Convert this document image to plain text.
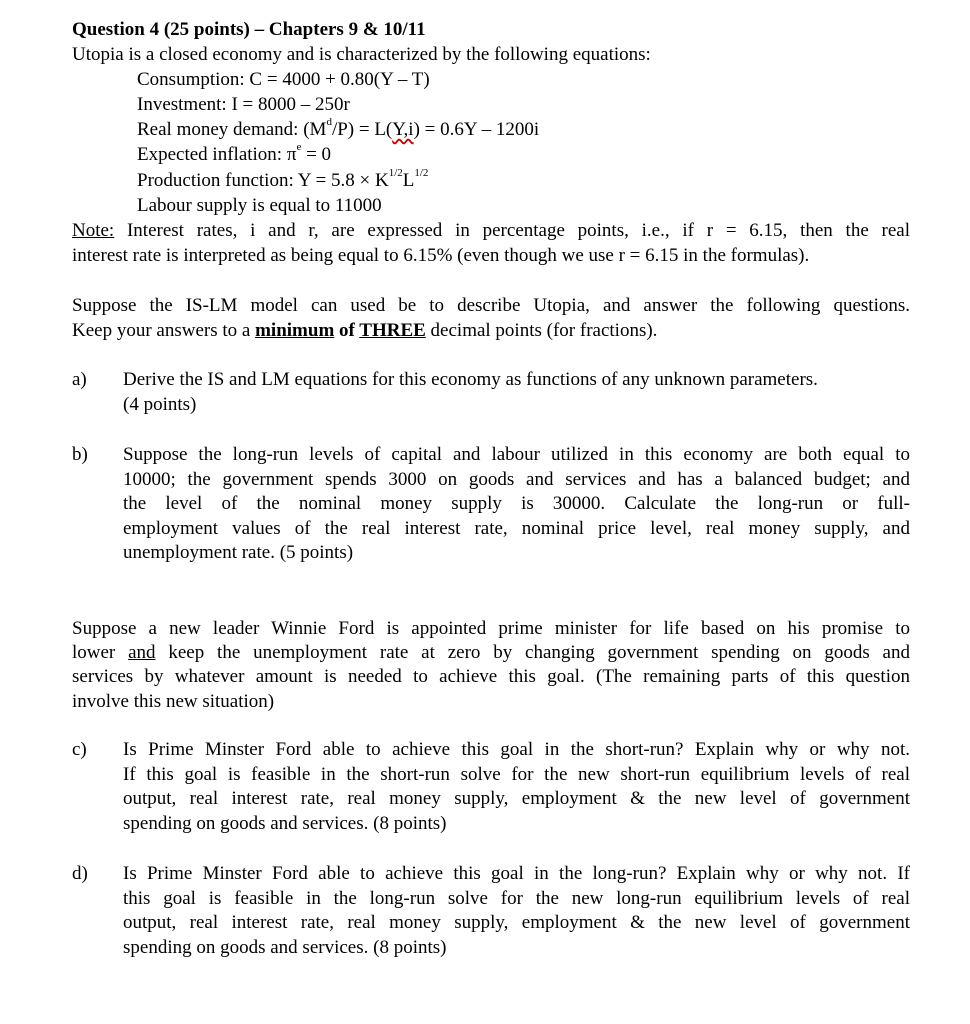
Question 4 (25 points) – Chapters 9 & 10/11
Utopia is a closed economy and is characterized by the following equations:
Consumption: C = 4000 + 0.80(Y – T)
Investment: I = 8000 – 250r
Real money demand: $(M^d/P) = L(Y,i) = 0.6Y - 1200i$
Expected inflation: $\pi^e = 0$
Production function: $Y = 5.8 \times K^{1/2}L^{1/2}$
Labour supply is equal to 11000
Note: Interest rates, i and r, are expressed in percentage points, i.e., if r = 6.15, then the real
interest rate is interpreted as being equal to 6.15% (even though we use r = 6.15 in the formulas).
Suppose the IS-LM model can used be to describe Utopia, and answer the following questions.
Keep your answers to a minimum of THREE decimal points (for fractions).
a) Derive the IS and LM equations for this economy as functions of any unknown parameters.
(4 points)
b) Suppose the long-run levels of capital and labour utilized in this economy are both equal to
10000; the government spends 3000 on goods and services and has a balanced budget; and
the level of the nominal money supply is 30000. Calculate the long-run or full-
employment values of the real interest rate, nominal price level, real money supply, and
unemployment rate. (5 points)
Suppose a new leader Winnie Ford is appointed prime minister for life based on his promise to
lower and keep the unemployment rate at zero by changing government spending on goods and
services by whatever amount is needed to achieve this goal. (The remaining parts of this question
involve this new situation)
c) Is Prime Minster Ford able to achieve this goal in the short-run? Explain why or why not.
If this goal is feasible in the short-run solve for the new short-run equilibrium levels of real
output, real interest rate, real money supply, employment & the new level of government
spending on goods and services. (8 points)
d) Is Prime Minster Ford able to achieve this goal in the long-run? Explain why or why not. If
this goal is feasible in the long-run solve for the new long-run equilibrium levels of real
output, real interest rate, real money supply, employment & the new level of government
spending on goods and services. (8 points)
